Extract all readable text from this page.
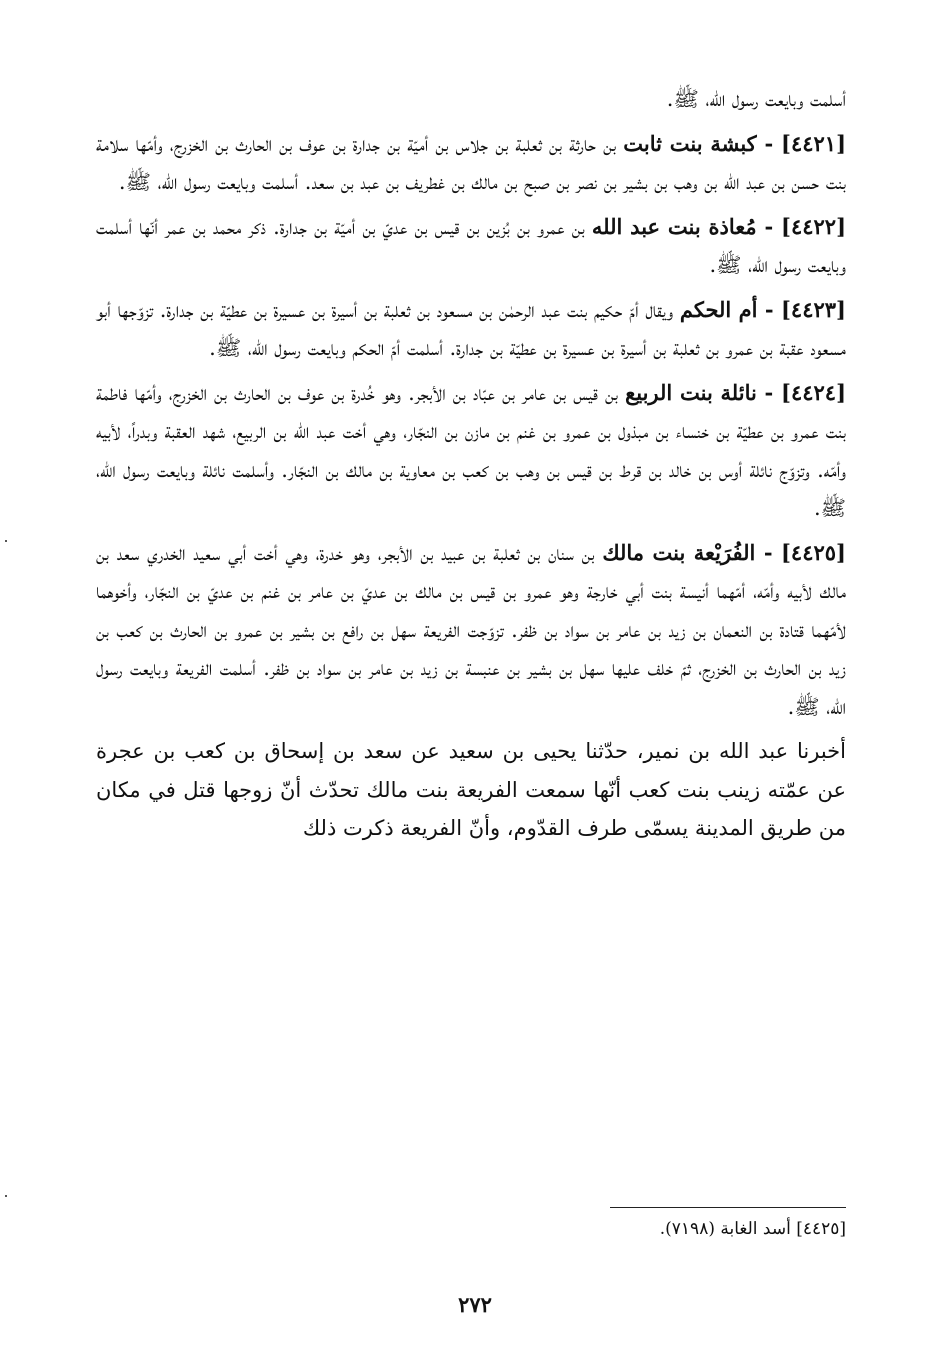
أسلمت وبايعت رسول الله، ﷺ.

[٤٤٢١] - كبشة بنت ثابت بن حارثة بن ثعلبة بن جلاس بن أميّة بن جدارة بن عوف بن الحارث بن الخزرج، وأمّها سلامة بنت حسن بن عبد الله بن وهب بن بشير بن نصر بن صبح بن مالك بن غطريف بن عبد بن سعد. أسلمت وبايعت رسول الله، ﷺ.

[٤٤٢٢] - مُعاذة بنت عبد الله بن عمرو بن بُزين بن قيس بن عديّ بن أميّة بن جدارة. ذكر محمد بن عمر أنّها أسلمت وبايعت رسول الله، ﷺ.

[٤٤٢٣] - أم الحكم ويقال أمّ حكيم بنت عبد الرحمٰن بن مسعود بن ثعلبة بن أسيرة بن عسيرة بن عطيّة بن جدارة. تزوّجها أبو مسعود عقبة بن عمرو بن ثعلبة بن أسيرة بن عسيرة بن عطيّة بن جدارة. أسلمت أمّ الحكم وبايعت رسول الله، ﷺ.

[٤٤٢٤] - نائلة بنت الربيع بن قيس بن عامر بن عبّاد بن الأبجر. وهو خُدرة بن عوف بن الحارث بن الخزرج، وأمّها فاطمة بنت عمرو بن عطيّة بن خنساء بن مبذول بن عمرو بن غنم بن مازن بن النجّار، وهي أخت عبد الله بن الربيع، شهد العقبة وبدراً، لأبيه وأمّه. وتزوّج نائلة أوس بن خالد بن قرط بن قيس بن وهب بن كعب بن معاوية بن مالك بن النجّار. وأسلمت نائلة وبايعت رسول الله، ﷺ.

[٤٤٢٥] - الفُرَيْعة بنت مالك بن سنان بن ثعلبة بن عبيد بن الأبجر، وهو خدرة، وهي أخت أبي سعيد الخدري سعد بن مالك لأبيه وأمّه، أمّهما أنيسة بنت أبي خارجة وهو عمرو بن قيس بن مالك بن عديّ بن عامر بن غنم بن عديّ بن النجّار، وأخوهما لأمّهما قتادة بن النعمان بن زيد بن عامر بن سواد بن ظفر. تزوّجت الفريعة سهل بن رافع بن بشير بن عمرو بن الحارث بن كعب بن زيد بن الحارث بن الخزرج، ثمّ خلف عليها سهل بن بشير بن عنبسة بن زيد بن عامر بن سواد بن ظفر. أسلمت الفريعة وبايعت رسول الله، ﷺ.

أخبرنا عبد الله بن نمير، حدّثنا يحيى بن سعيد عن سعد بن إسحاق بن كعب بن عجرة عن عمّته زينب بنت كعب أنّها سمعت الفريعة بنت مالك تحدّث أنّ زوجها قتل في مكان من طريق المدينة يسمّى طرف القدّوم، وأنّ الفريعة ذكرت ذلك

[٤٤٢٥] أسد الغابة (٧١٩٨).
٢٧٢
